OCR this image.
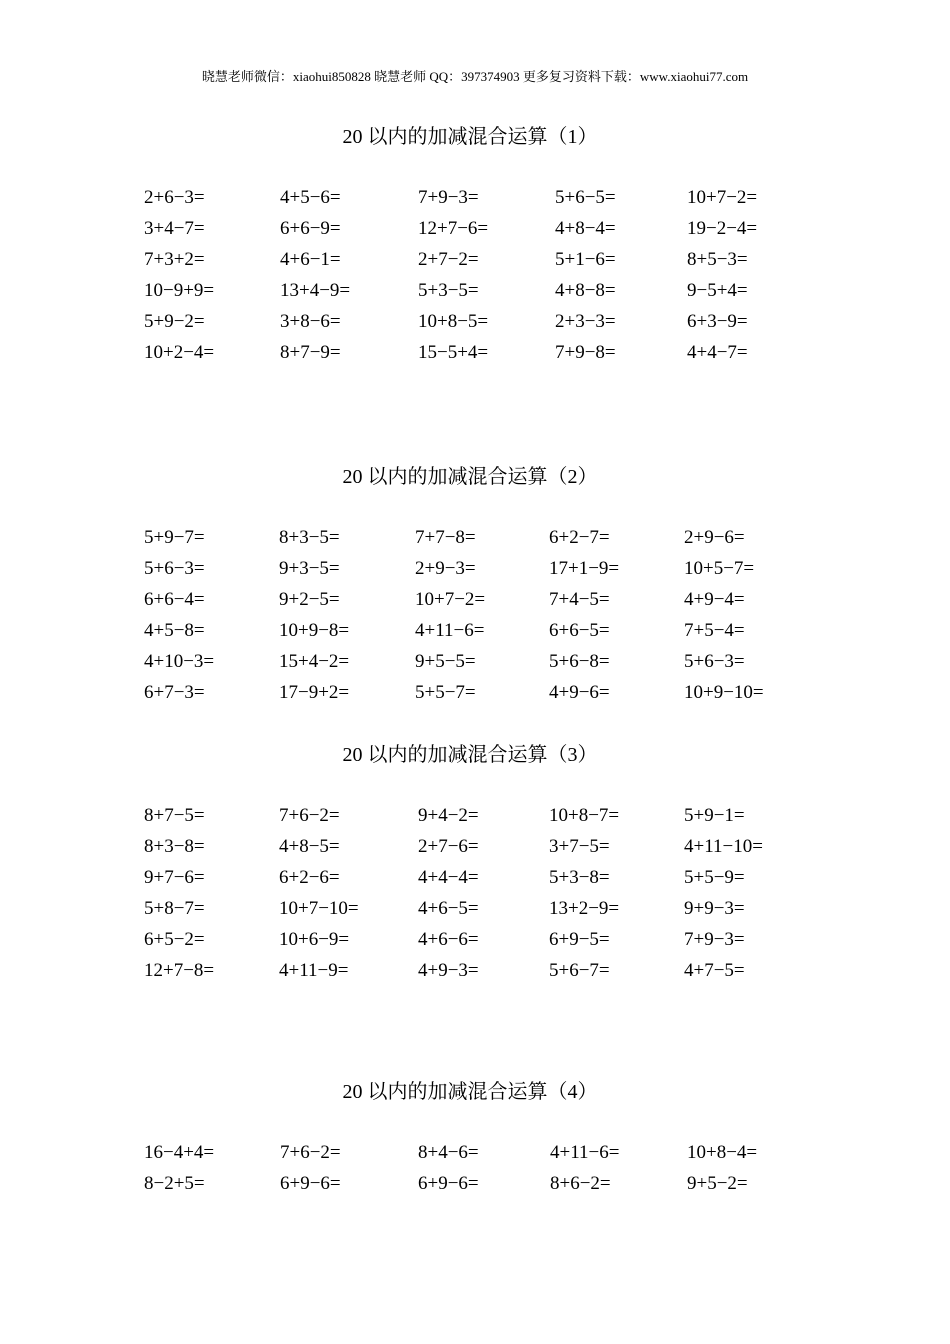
晓慧老师微信：xiaohui850828 晓慧老师 QQ：397374903 更多复习资料下载：www.xiaohui77.com
20 以内的加减混合运算（1）
2+6−3=	4+5−6=	7+9−3=	5+6−5=	10+7−2=
3+4−7=	6+6−9=	12+7−6=	4+8−4=	19−2−4=
7+3+2=	4+6−1=	2+7−2=	5+1−6=	8+5−3=
10−9+9=	13+4−9=	5+3−5=	4+8−8=	9−5+4=
5+9−2=	3+8−6=	10+8−5=	2+3−3=	6+3−9=
10+2−4=	8+7−9=	15−5+4=	7+9−8=	4+4−7=
20 以内的加减混合运算（2）
5+9−7=	8+3−5=	7+7−8=	6+2−7=	2+9−6=
5+6−3=	9+3−5=	2+9−3=	17+1−9=	10+5−7=
6+6−4=	9+2−5=	10+7−2=	7+4−5=	4+9−4=
4+5−8=	10+9−8=	4+11−6=	6+6−5=	7+5−4=
4+10−3=	15+4−2=	9+5−5=	5+6−8=	5+6−3=
6+7−3=	17−9+2=	5+5−7=	4+9−6=	10+9−10=
20 以内的加减混合运算（3）
8+7−5=	7+6−2=	9+4−2=	10+8−7=	5+9−1=
8+3−8=	4+8−5=	2+7−6=	3+7−5=	4+11−10=
9+7−6=	6+2−6=	4+4−4=	5+3−8=	5+5−9=
5+8−7=	10+7−10=	4+6−5=	13+2−9=	9+9−3=
6+5−2=	10+6−9=	4+6−6=	6+9−5=	7+9−3=
12+7−8=	4+11−9=	4+9−3=	5+6−7=	4+7−5=
20 以内的加减混合运算（4）
16−4+4=	7+6−2=	8+4−6=	4+11−6=	10+8−4=
8−2+5=	6+9−6=	6+9−6=	8+6−2=	9+5−2=
